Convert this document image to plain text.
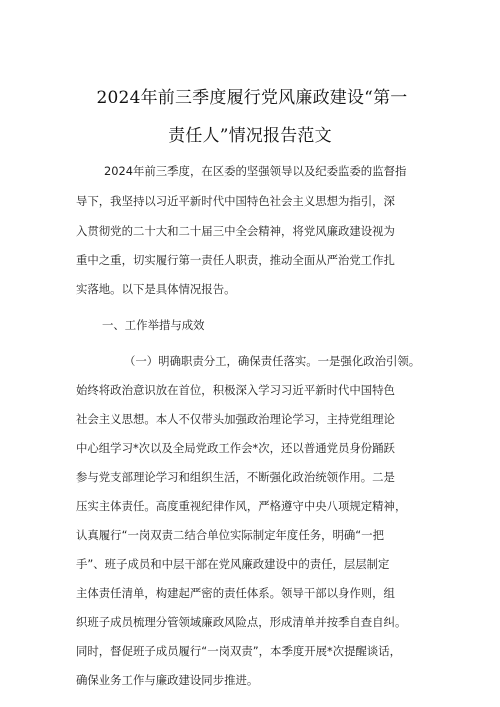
2024年前三季度履行党风廉政建设“第一
责任人”情况报告范文
2024年前三季度，在区委的坚强领导以及纪委监委的监督指
导下，我坚持以习近平新时代中国特色社会主义思想为指引，深
入贯彻党的二十大和二十届三中全会精神，将党风廉政建设视为
重中之重，切实履行第一责任人职责，推动全面从严治党工作扎
实落地。以下是具体情况报告。
一、工作举措与成效
（一）明确职责分工，确保责任落实。一是强化政治引领。
始终将政治意识放在首位，积极深入学习习近平新时代中国特色
社会主义思想。本人不仅带头加强政治理论学习，主持党组理论
中心组学习*次以及全局党政工作会*次，还以普通党员身份踊跃
参与党支部理论学习和组织生活，不断强化政治统领作用。二是
压实主体责任。高度重视纪律作风，严格遵守中央八项规定精神，
认真履行“一岗双责二结合单位实际制定年度任务，明确“一把
手”、班子成员和中层干部在党风廉政建设中的责任，层层制定
主体责任清单，构建起严密的责任体系。领导干部以身作则，组
织班子成员梳理分管领域廉政风险点，形成清单并按季自查自纠。
同时，督促班子成员履行“一岗双责”，本季度开展*次提醒谈话，
确保业务工作与廉政建设同步推进。
